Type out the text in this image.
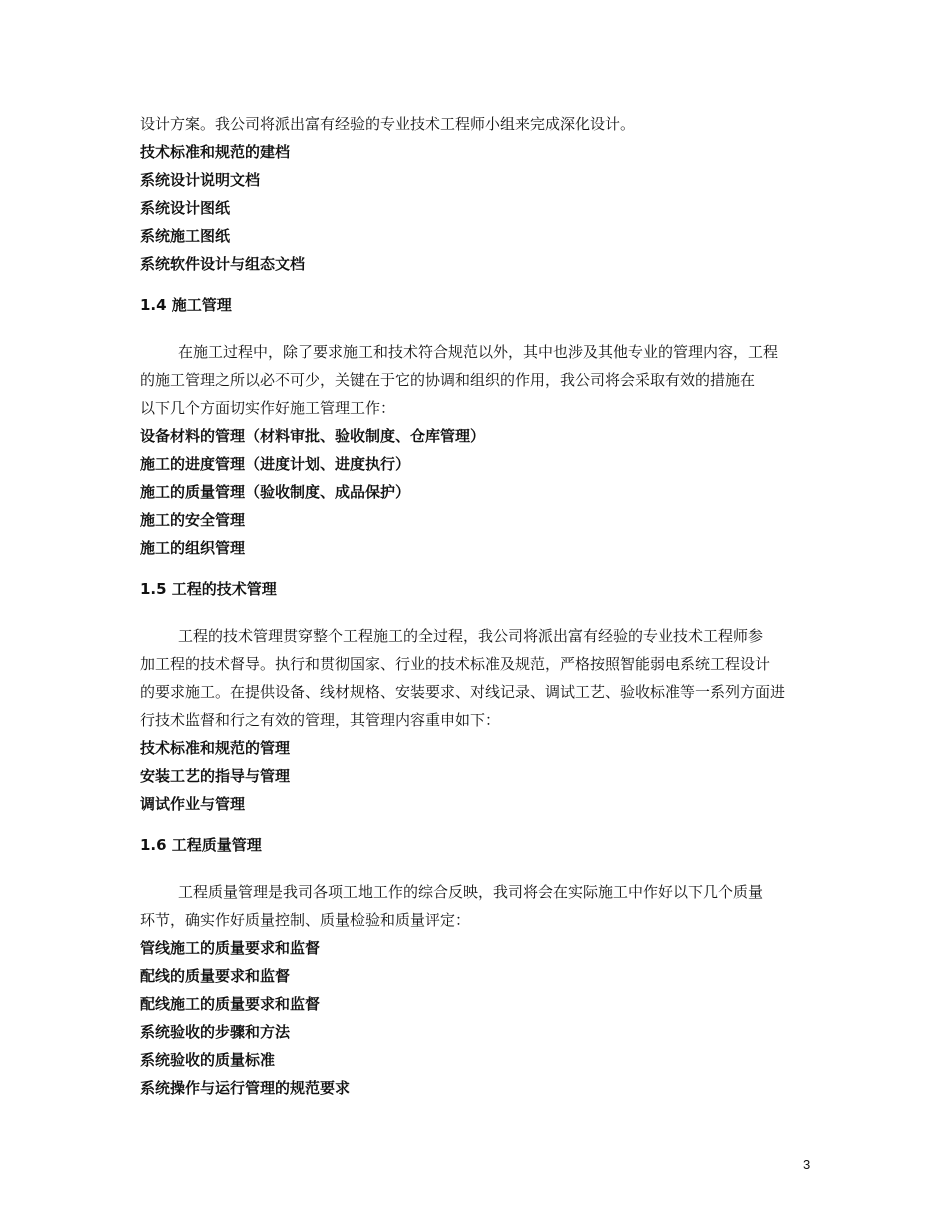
设计方案。我公司将派出富有经验的专业技术工程师小组来完成深化设计。
技术标准和规范的建档
系统设计说明文档
系统设计图纸
系统施工图纸
系统软件设计与组态文档
1.4 施工管理
在施工过程中，除了要求施工和技术符合规范以外，其中也涉及其他专业的管理内容，工程
的施工管理之所以必不可少，关键在于它的协调和组织的作用，我公司将会采取有效的措施在
以下几个方面切实作好施工管理工作：
设备材料的管理（材料审批、验收制度、仓库管理）
施工的进度管理（进度计划、进度执行）
施工的质量管理（验收制度、成品保护）
施工的安全管理
施工的组织管理
1.5 工程的技术管理
工程的技术管理贯穿整个工程施工的全过程，我公司将派出富有经验的专业技术工程师参
加工程的技术督导。执行和贯彻国家、行业的技术标准及规范，严格按照智能弱电系统工程设计
的要求施工。在提供设备、线材规格、安装要求、对线记录、调试工艺、验收标准等一系列方面进
行技术监督和行之有效的管理，其管理内容重申如下：
技术标准和规范的管理
安装工艺的指导与管理
调试作业与管理
1.6 工程质量管理
工程质量管理是我司各项工地工作的综合反映，我司将会在实际施工中作好以下几个质量
环节，确实作好质量控制、质量检验和质量评定：
管线施工的质量要求和监督
配线的质量要求和监督
配线施工的质量要求和监督
系统验收的步骤和方法
系统验收的质量标准
系统操作与运行管理的规范要求
3
